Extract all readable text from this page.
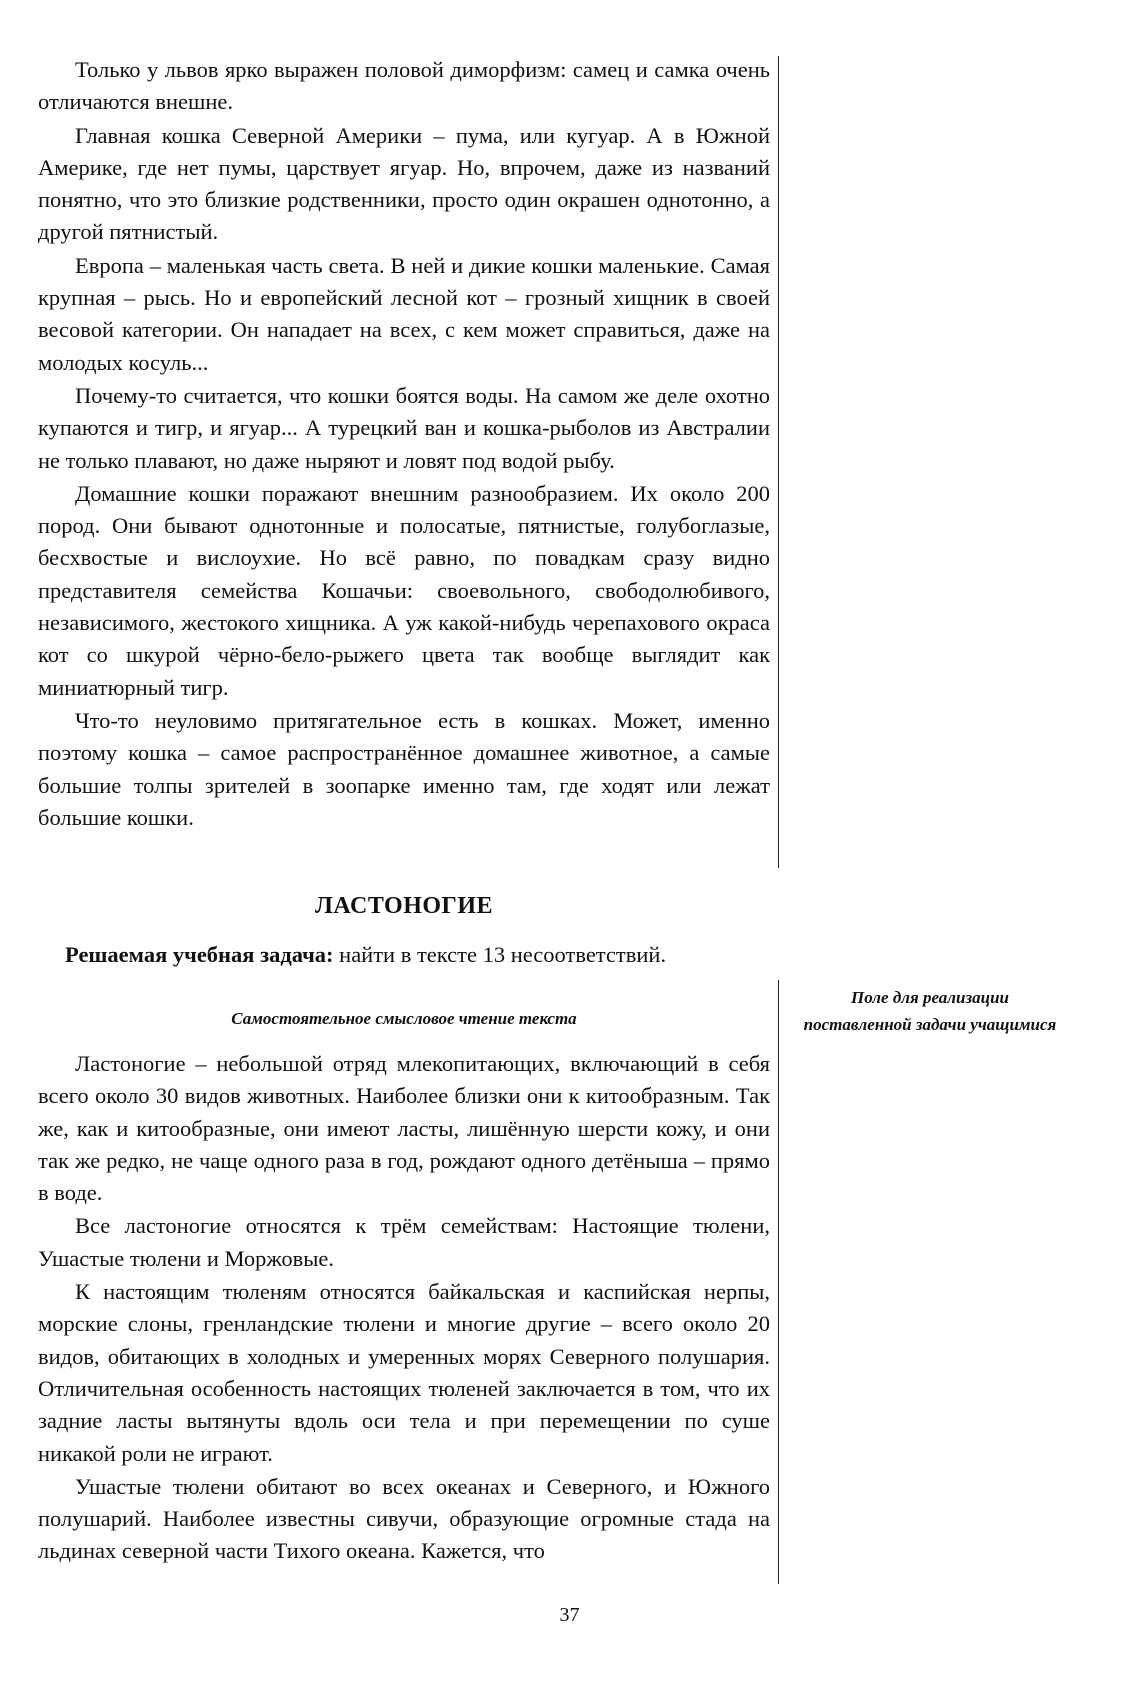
Только у львов ярко выражен половой диморфизм: самец и самка очень отличаются внешне.

Главная кошка Северной Америки – пума, или кугуар. А в Южной Америке, где нет пумы, царствует ягуар. Но, впрочем, даже из названий понятно, что это близкие родственники, просто один окрашен однотонно, а другой пятнистый.

Европа – маленькая часть света. В ней и дикие кошки маленькие. Самая крупная – рысь. Но и европейский лесной кот – грозный хищник в своей весовой категории. Он нападает на всех, с кем может справиться, даже на молодых косуль...

Почему-то считается, что кошки боятся воды. На самом же деле охотно купаются и тигр, и ягуар... А турецкий ван и кошка-рыболов из Австралии не только плавают, но даже ныряют и ловят под водой рыбу.

Домашние кошки поражают внешним разнообразием. Их около 200 пород. Они бывают однотонные и полосатые, пятнистые, голубоглазые, бесхвостые и вислоухие. Но всё равно, по повадкам сразу видно представителя семейства Кошачьи: своевольного, свободолюбивого, независимого, жестокого хищника. А уж какой-нибудь черепахового окраса кот со шкурой чёрно-бело-рыжего цвета так вообще выглядит как миниатюрный тигр.

Что-то неуловимо притягательное есть в кошках. Может, именно поэтому кошка – самое распространённое домашнее животное, а самые большие толпы зрителей в зоопарке именно там, где ходят или лежат большие кошки.

ЛАСТОНОГИЕ
Решаемая учебная задача: найти в тексте 13 несоответствий.
Самостоятельное смысловое чтение текста
Поле для реализации поставленной задачи учащимися

Ластоногие – небольшой отряд млекопитающих, включающий в себя всего около 30 видов животных. Наиболее близки они к китообразным. Так же, как и китообразные, они имеют ласты, лишённую шерсти кожу, и они так же редко, не чаще одного раза в год, рождают одного детёныша – прямо в воде.

Все ластоногие относятся к трём семействам: Настоящие тюлени, Ушастые тюлени и Моржовые.

К настоящим тюленям относятся байкальская и каспийская нерпы, морские слоны, гренландские тюлени и многие другие – всего около 20 видов, обитающих в холодных и умеренных морях Северного полушария. Отличительная особенность настоящих тюленей заключается в том, что их задние ласты вытянуты вдоль оси тела и при перемещении по суше никакой роли не играют.

Ушастые тюлени обитают во всех океанах и Северного, и Южного полушарий. Наиболее известны сивучи, образующие огромные стада на льдинах северной части Тихого океана. Кажется, что

37
